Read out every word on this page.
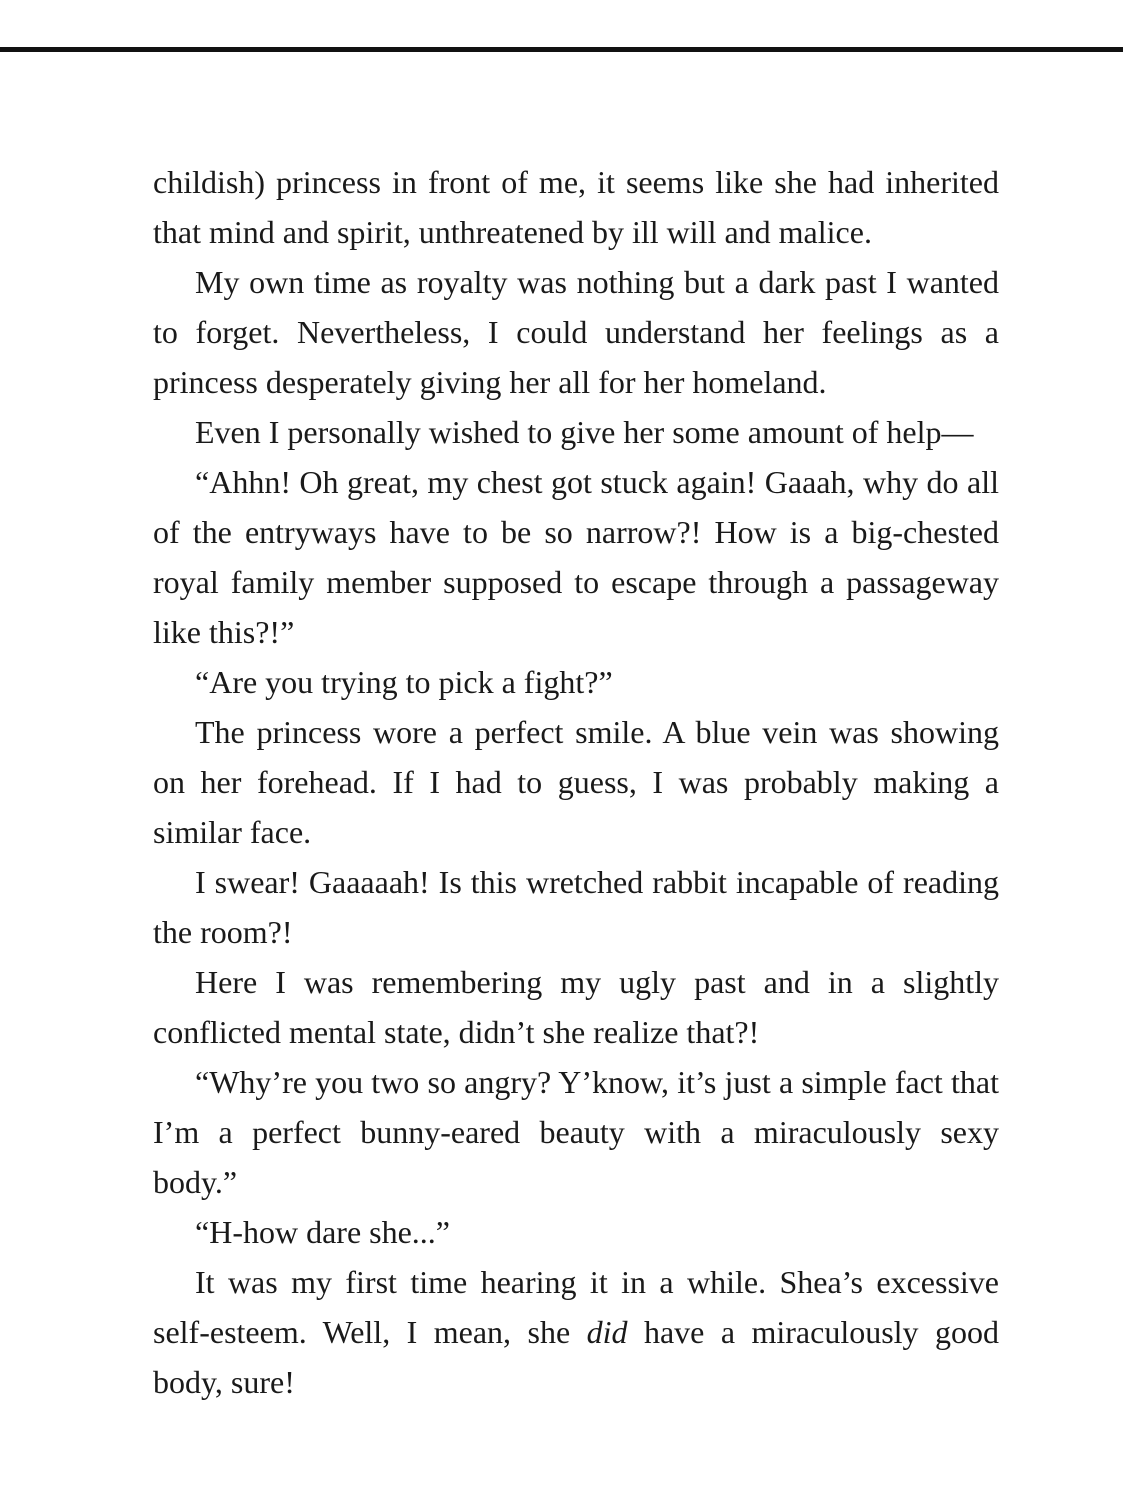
childish) princess in front of me, it seems like she had inherited that mind and spirit, unthreatened by ill will and malice.

My own time as royalty was nothing but a dark past I wanted to forget. Nevertheless, I could understand her feelings as a princess desperately giving her all for her homeland.

Even I personally wished to give her some amount of help—

“Ahhn! Oh great, my chest got stuck again! Gaaah, why do all of the entryways have to be so narrow?! How is a big-chested royal family member supposed to escape through a passageway like this?!”

“Are you trying to pick a fight?”

The princess wore a perfect smile. A blue vein was showing on her forehead. If I had to guess, I was probably making a similar face.

I swear! Gaaaaah! Is this wretched rabbit incapable of reading the room?!

Here I was remembering my ugly past and in a slightly conflicted mental state, didn’t she realize that?!

“Why’re you two so angry? Y’know, it’s just a simple fact that I’m a perfect bunny-eared beauty with a miraculously sexy body.”

“H-how dare she...”

It was my first time hearing it in a while. Shea’s excessive self-esteem. Well, I mean, she did have a miraculously good body, sure!
